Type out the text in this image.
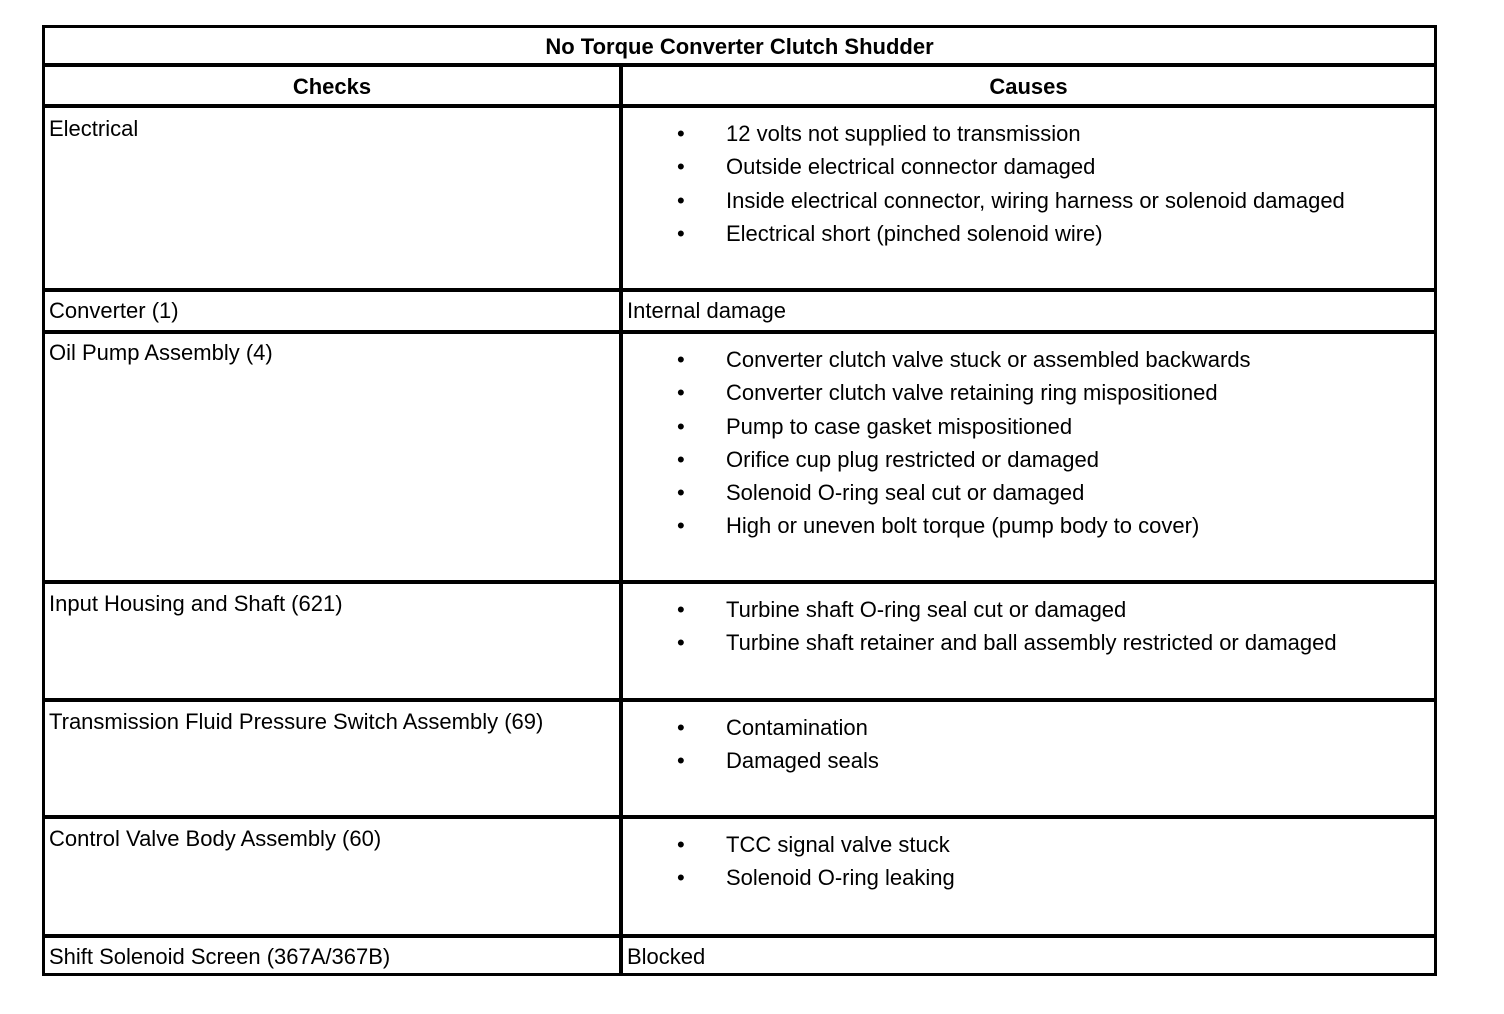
No Torque Converter Clutch Shudder
Checks	Causes
Electrical	• 12 volts not supplied to transmission
• Outside electrical connector damaged
• Inside electrical connector, wiring harness or solenoid damaged
• Electrical short (pinched solenoid wire)
Converter (1)	Internal damage
Oil Pump Assembly (4)	• Converter clutch valve stuck or assembled backwards
• Converter clutch valve retaining ring mispositioned
• Pump to case gasket mispositioned
• Orifice cup plug restricted or damaged
• Solenoid O-ring seal cut or damaged
• High or uneven bolt torque (pump body to cover)
Input Housing and Shaft (621)	• Turbine shaft O-ring seal cut or damaged
• Turbine shaft retainer and ball assembly restricted or damaged
Transmission Fluid Pressure Switch Assembly (69)	• Contamination
• Damaged seals
Control Valve Body Assembly (60)	• TCC signal valve stuck
• Solenoid O-ring leaking
Shift Solenoid Screen (367A/367B)	Blocked
